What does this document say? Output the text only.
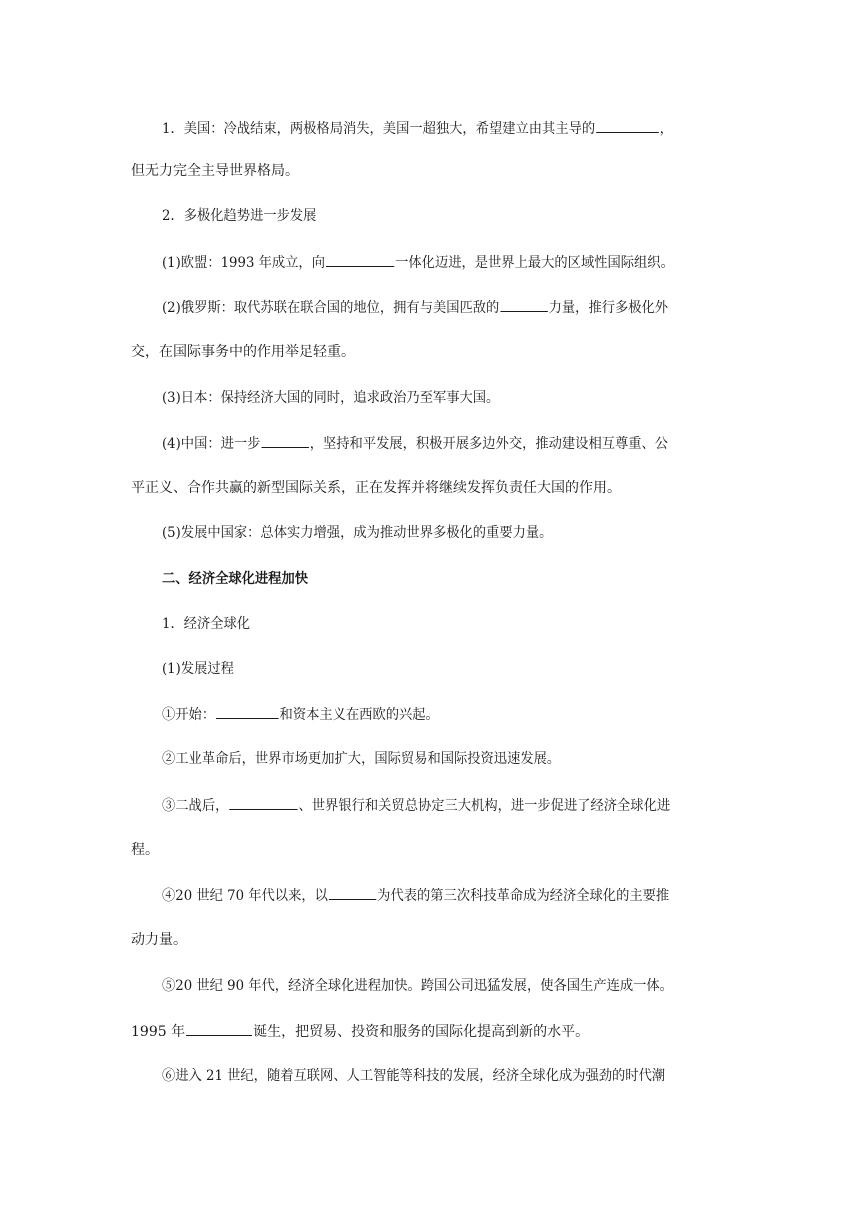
1．美国：冷战结束，两极格局消失，美国一超独大，希望建立由其主导的	，
但无力完全主导世界格局。
2．多极化趋势进一步发展
(1)欧盟：1993 年成立，向	一体化迈进，是世界上最大的区域性国际组织。
(2)俄罗斯：取代苏联在联合国的地位，拥有与美国匹敌的	力量，推行多极化外
交，在国际事务中的作用举足轻重。
(3)日本：保持经济大国的同时，追求政治乃至军事大国。
(4)中国：进一步	，坚持和平发展，积极开展多边外交，推动建设相互尊重、公
平正义、合作共赢的新型国际关系，正在发挥并将继续发挥负责任大国的作用。
(5)发展中国家：总体实力增强，成为推动世界多极化的重要力量。
二、经济全球化进程加快
1．经济全球化
(1)发展过程
①开始：	和资本主义在西欧的兴起。
②工业革命后，世界市场更加扩大，国际贸易和国际投资迅速发展。
③二战后，	、世界银行和关贸总协定三大机构，进一步促进了经济全球化进
程。
④20 世纪 70 年代以来，以	为代表的第三次科技革命成为经济全球化的主要推
动力量。
⑤20 世纪 90 年代，经济全球化进程加快。跨国公司迅猛发展，使各国生产连成一体。
1995 年	诞生，把贸易、投资和服务的国际化提高到新的水平。
⑥进入 21 世纪，随着互联网、人工智能等科技的发展，经济全球化成为强劲的时代潮
